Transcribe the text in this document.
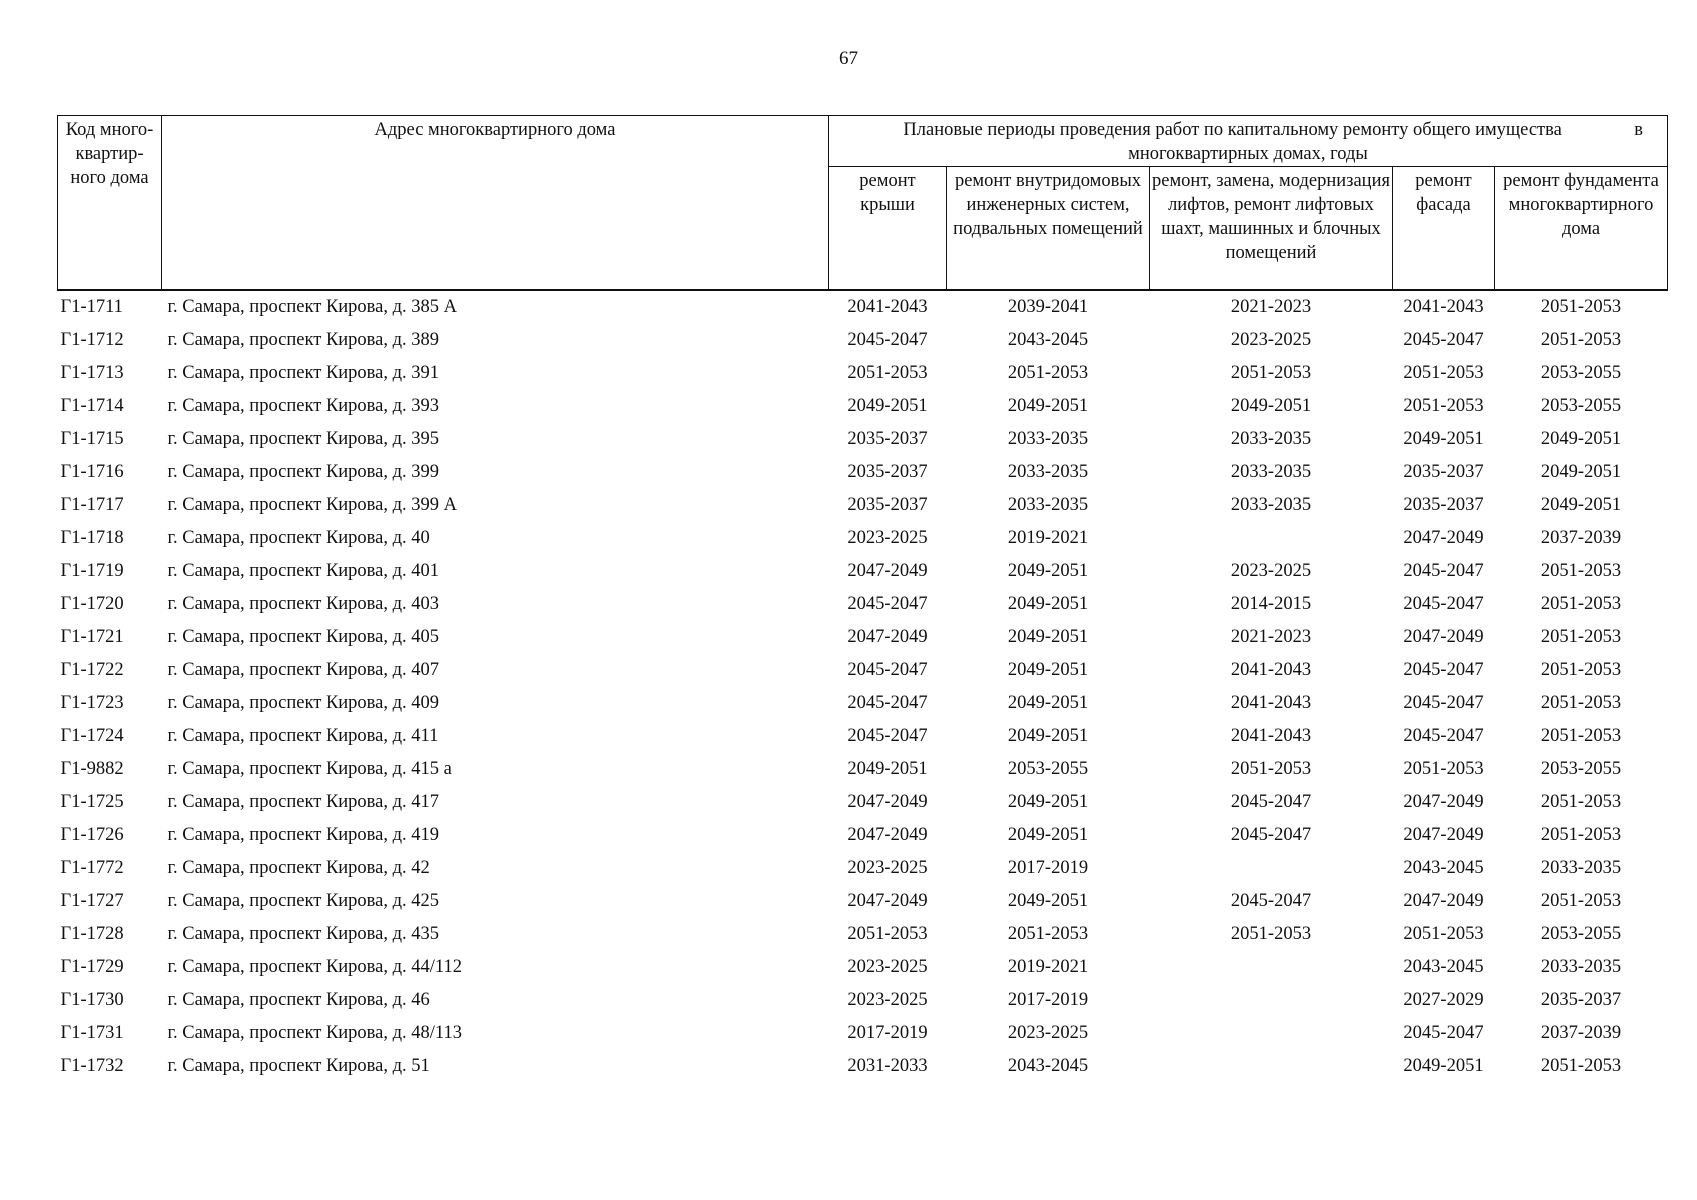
67
Код много-квартир-ного дома	Адрес многоквартирного дома	Плановые периоды проведения работ по капитальному ремонту общего имущества в

многоквартирных домах, годы				
		ремонт крыши	ремонт внутридомовых инженерных систем, подвальных помещений	ремонт, замена, модернизация лифтов, ремонт лифтовых шахт, машинных и блочных помещений	ремонт фасада	ремонт фундамента многоквартирного дома
Г1-1711	г. Самара, проспект Кирова, д. 385 А	2041-2043	2039-2041	2021-2023	2041-2043	2051-2053
Г1-1712	г. Самара, проспект Кирова, д. 389	2045-2047	2043-2045	2023-2025	2045-2047	2051-2053
Г1-1713	г. Самара, проспект Кирова, д. 391	2051-2053	2051-2053	2051-2053	2051-2053	2053-2055
Г1-1714	г. Самара, проспект Кирова, д. 393	2049-2051	2049-2051	2049-2051	2051-2053	2053-2055
Г1-1715	г. Самара, проспект Кирова, д. 395	2035-2037	2033-2035	2033-2035	2049-2051	2049-2051
Г1-1716	г. Самара, проспект Кирова, д. 399	2035-2037	2033-2035	2033-2035	2035-2037	2049-2051
Г1-1717	г. Самара, проспект Кирова, д. 399 А	2035-2037	2033-2035	2033-2035	2035-2037	2049-2051
Г1-1718	г. Самара, проспект Кирова, д. 40	2023-2025	2019-2021		2047-2049	2037-2039
Г1-1719	г. Самара, проспект Кирова, д. 401	2047-2049	2049-2051	2023-2025	2045-2047	2051-2053
Г1-1720	г. Самара, проспект Кирова, д. 403	2045-2047	2049-2051	2014-2015	2045-2047	2051-2053
Г1-1721	г. Самара, проспект Кирова, д. 405	2047-2049	2049-2051	2021-2023	2047-2049	2051-2053
Г1-1722	г. Самара, проспект Кирова, д. 407	2045-2047	2049-2051	2041-2043	2045-2047	2051-2053
Г1-1723	г. Самара, проспект Кирова, д. 409	2045-2047	2049-2051	2041-2043	2045-2047	2051-2053
Г1-1724	г. Самара, проспект Кирова, д. 411	2045-2047	2049-2051	2041-2043	2045-2047	2051-2053
Г1-9882	г. Самара, проспект Кирова, д. 415 а	2049-2051	2053-2055	2051-2053	2051-2053	2053-2055
Г1-1725	г. Самара, проспект Кирова, д. 417	2047-2049	2049-2051	2045-2047	2047-2049	2051-2053
Г1-1726	г. Самара, проспект Кирова, д. 419	2047-2049	2049-2051	2045-2047	2047-2049	2051-2053
Г1-1772	г. Самара, проспект Кирова, д. 42	2023-2025	2017-2019		2043-2045	2033-2035
Г1-1727	г. Самара, проспект Кирова, д. 425	2047-2049	2049-2051	2045-2047	2047-2049	2051-2053
Г1-1728	г. Самара, проспект Кирова, д. 435	2051-2053	2051-2053	2051-2053	2051-2053	2053-2055
Г1-1729	г. Самара, проспект Кирова, д. 44/112	2023-2025	2019-2021		2043-2045	2033-2035
Г1-1730	г. Самара, проспект Кирова, д. 46	2023-2025	2017-2019		2027-2029	2035-2037
Г1-1731	г. Самара, проспект Кирова, д. 48/113	2017-2019	2023-2025		2045-2047	2037-2039
Г1-1732	г. Самара, проспект Кирова, д. 51	2031-2033	2043-2045		2049-2051	2051-2053
